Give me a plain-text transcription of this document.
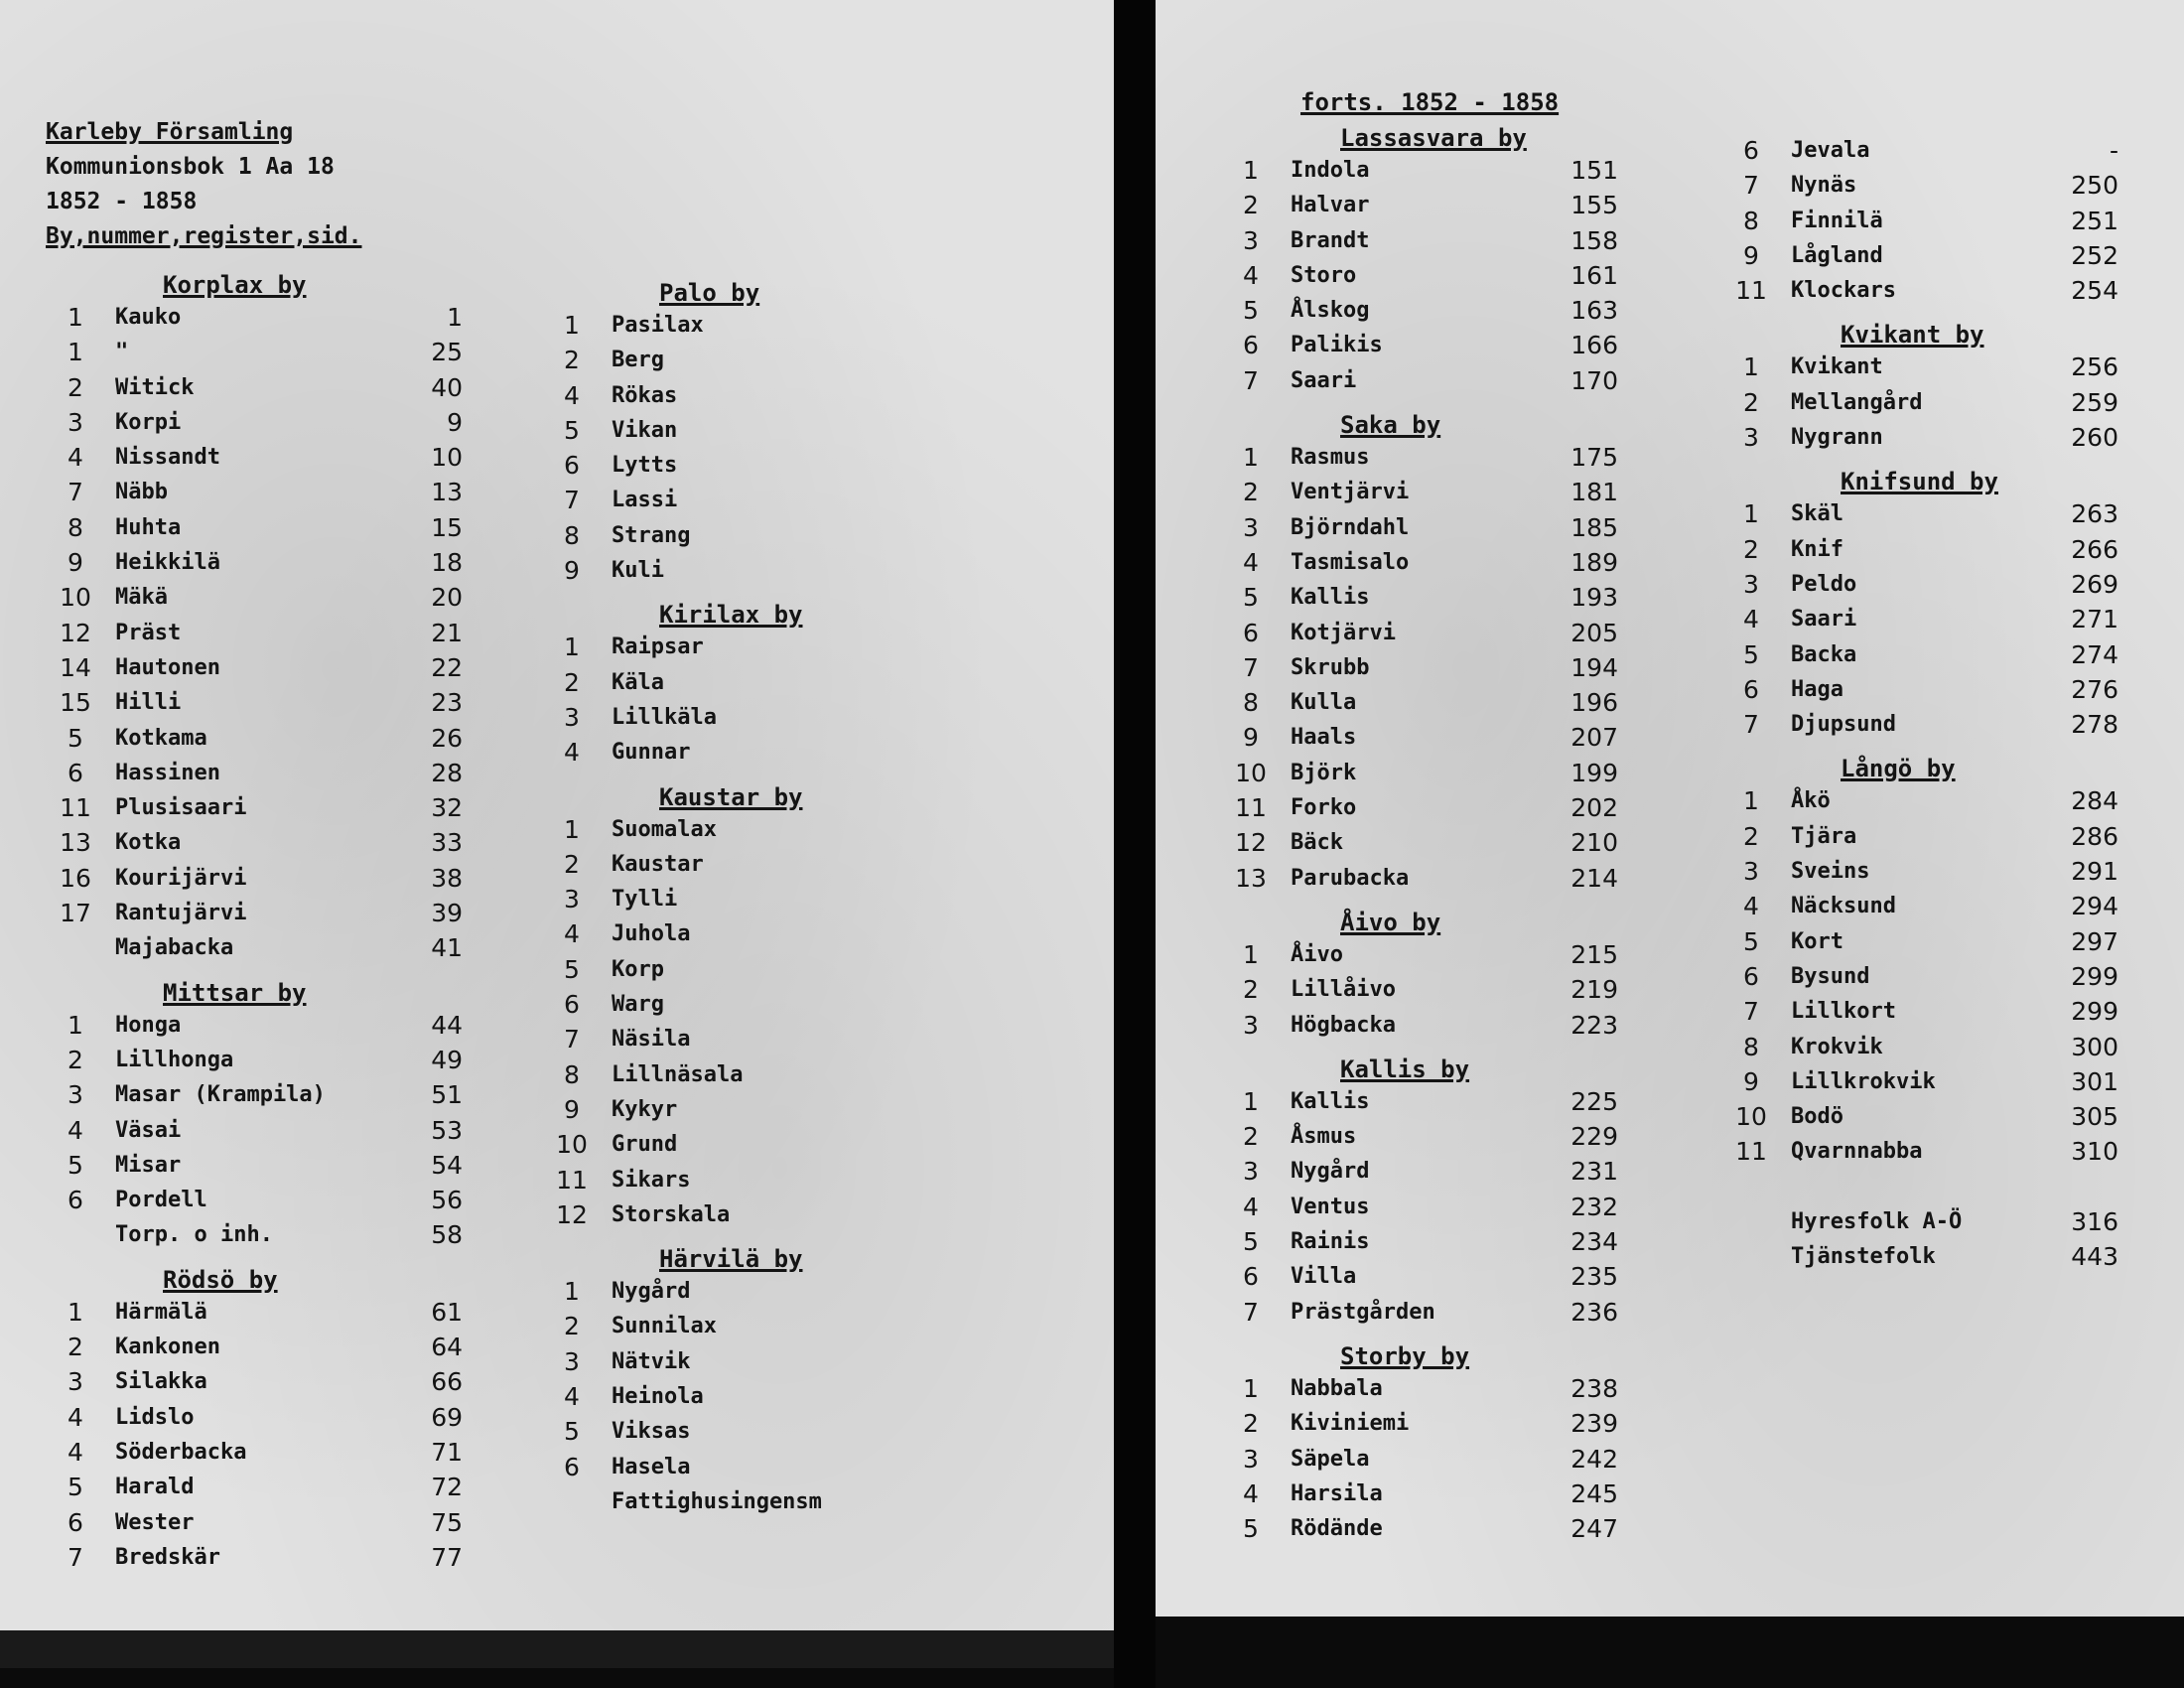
Karleby Församling
Kommunionsbok 1 Aa 18
1852 - 1858
By,nummer,register,sid.
Korplax by
1	Kauko	1
1	"	25
2	Witick	40
3	Korpi	9
4	Nissandt	10
7	Näbb	13
8	Huhta	15
9	Heikkilä	18
10 Mäkä	20
12 Präst	21
14 Hautonen	22
15 Hilli	23
5	Kotkama	26
6	Hassinen	28
11 Plusisaari	32
13 Kotka	33
16 Kourijärvi	38
17 Rantujärvi	39
Majabacka	41
Mittsar by
1	Honga	44
2	Lillhonga	49
3	Masar (Krampila)	51
4	Väsai	53
5	Misar	54
6	Pordell	56
Torp. o inh.	58
Rödsö by
1	Härmälä	61
2	Kankonen	64
3	Silakka	66
4	Lidslo	69
4	Söderbacka	71
5	Harald	72
6	Wester	75
7	Bredskär	77
Palo by
1	Pasilax
2	Berg
4	Rökas
5	Vikan
6	Lytts
7	Lassi
8	Strang
9	Kuli
Kirilax by
1	Raipsar
2	Käla
3	Lillkäla
4	Gunnar
Kaustar by
1	Suomalax
2	Kaustar
3	Tylli
4	Juhola
5	Korp
6	Warg
7	Näsila
8	Lillnäsala
9	Kykyr
10 Grund
11 Sikars
12 Storskala
Härvilä by
1	Nygård
2	Sunnilax
3	Nätvik
4	Heinola
5	Viksas
6	Hasela
Fattighusingensm
forts. 1852 - 1858
Lassasvara by
1	Indola	151
2	Halvar	155
3	Brandt	158
4	Storo	161
5	Ålskog	163
6	Palikis	166
7	Saari	170
Saka by
1	Rasmus	175
2	Ventjärvi	181
3	Björndahl	185
4	Tasmisalo	189
5	Kallis	193
6	Kotjärvi	205
7	Skrubb	194
8	Kulla	196
9	Haals	207
10 Björk	199
11 Forko	202
12 Bäck	210
13 Parubacka	214
Åivo by
1	Åivo	215
2	Lillåivo	219
3	Högbacka	223
Kallis by
1	Kallis	225
2	Åsmus	229
3	Nygård	231
4	Ventus	232
5	Rainis	234
6	Villa	235
7	Prästgården	236
Storby by
1	Nabbala	238
2	Kiviniemi	239
3	Säpela	242
4	Harsila	245
5	Rödände	247
6	Jevala	-
7	Nynäs	250
8	Finnilä	251
9	Lågland	252
11 Klockars	254
Kvikant by
1	Kvikant	256
2	Mellangård	259
3	Nygrann	260
Knifsund by
1	Skäl	263
2	Knif	266
3	Peldo	269
4	Saari	271
5	Backa	274
6	Haga	276
7	Djupsund	278
Långö by
1	Åkö	284
2	Tjära	286
3	Sveins	291
4	Näcksund	294
5	Kort	297
6	Bysund	299
7	Lillkort	299
8	Krokvik	300
9	Lillkrokvik	301
10 Bodö	305
11 Qvarnnabba	310
Hyresfolk A-Ö	316
Tjänstefolk	443
